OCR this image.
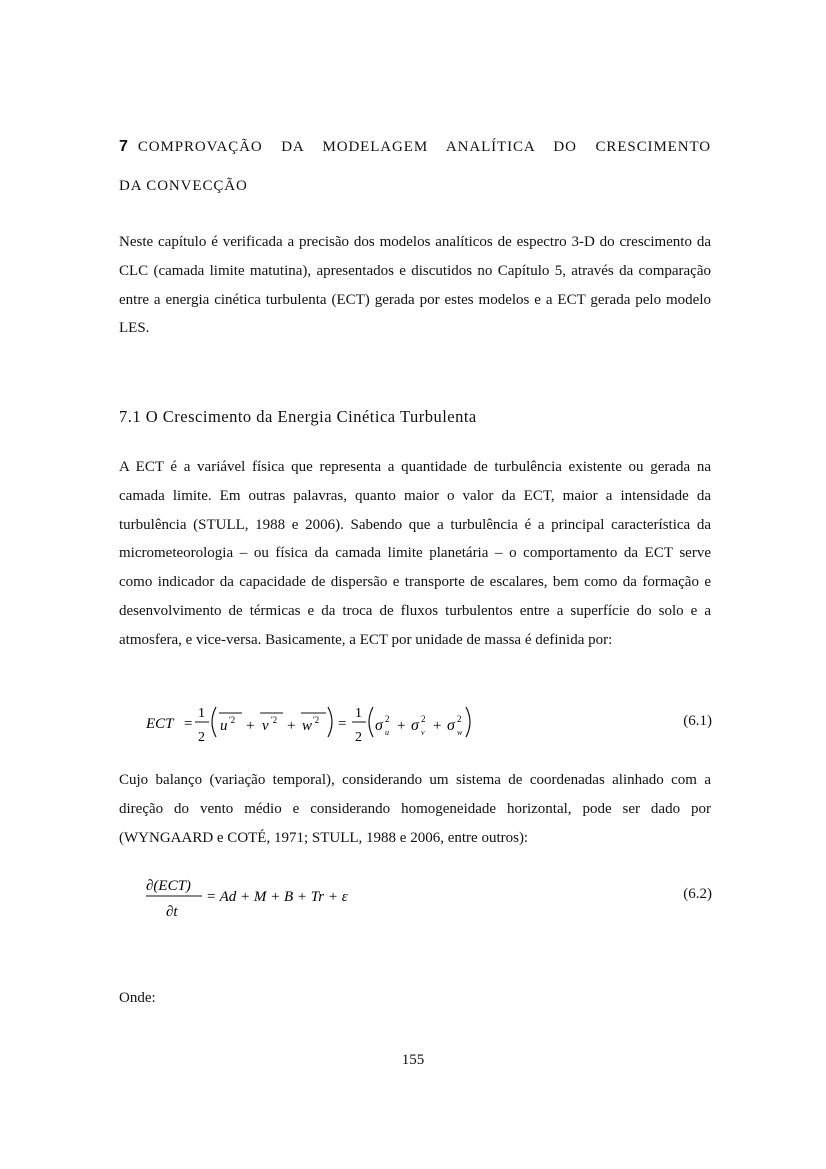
7 COMPROVAÇÃO DA MODELAGEM ANALÍTICA DO CRESCIMENTO
DA CONVECÇÃO

Neste capítulo é verificada a precisão dos modelos analíticos de espectro 3-D do crescimento da CLC (camada limite matutina), apresentados e discutidos no Capítulo 5, através da comparação entre a energia cinética turbulenta (ECT) gerada por estes modelos e a ECT gerada pelo modelo LES.

7.1 O Crescimento da Energia Cinética Turbulenta

A ECT é a variável física que representa a quantidade de turbulência existente ou gerada na camada limite. Em outras palavras, quanto maior o valor da ECT, maior a intensidade da turbulência (STULL, 1988 e 2006). Sabendo que a turbulência é a principal característica da micrometeorologia – ou física da camada limite planetária – o comportamento da ECT serve como indicador da capacidade de dispersão e transporte de escalares, bem como da formação e desenvolvimento de térmicas e da troca de fluxos turbulentos entre a superfície do solo e a atmosfera, e vice-versa. Basicamente, a ECT por unidade de massa é definida por:

ECT =
1
2
u '2 + v '2 + w '2 =
1
2
σ 2
u + σ 2
v + σ 2
w
(6.1)

Cujo balanço (variação temporal), considerando um sistema de coordenadas alinhado com a direção do vento médio e considerando homogeneidade horizontal, pode ser dado por (WYNGAARD e COTÉ, 1971; STULL, 1988 e 2006, entre outros):

∂(ECT)
∂t
= Ad + M + B + Tr + ε	(6.2)

Onde:

155
